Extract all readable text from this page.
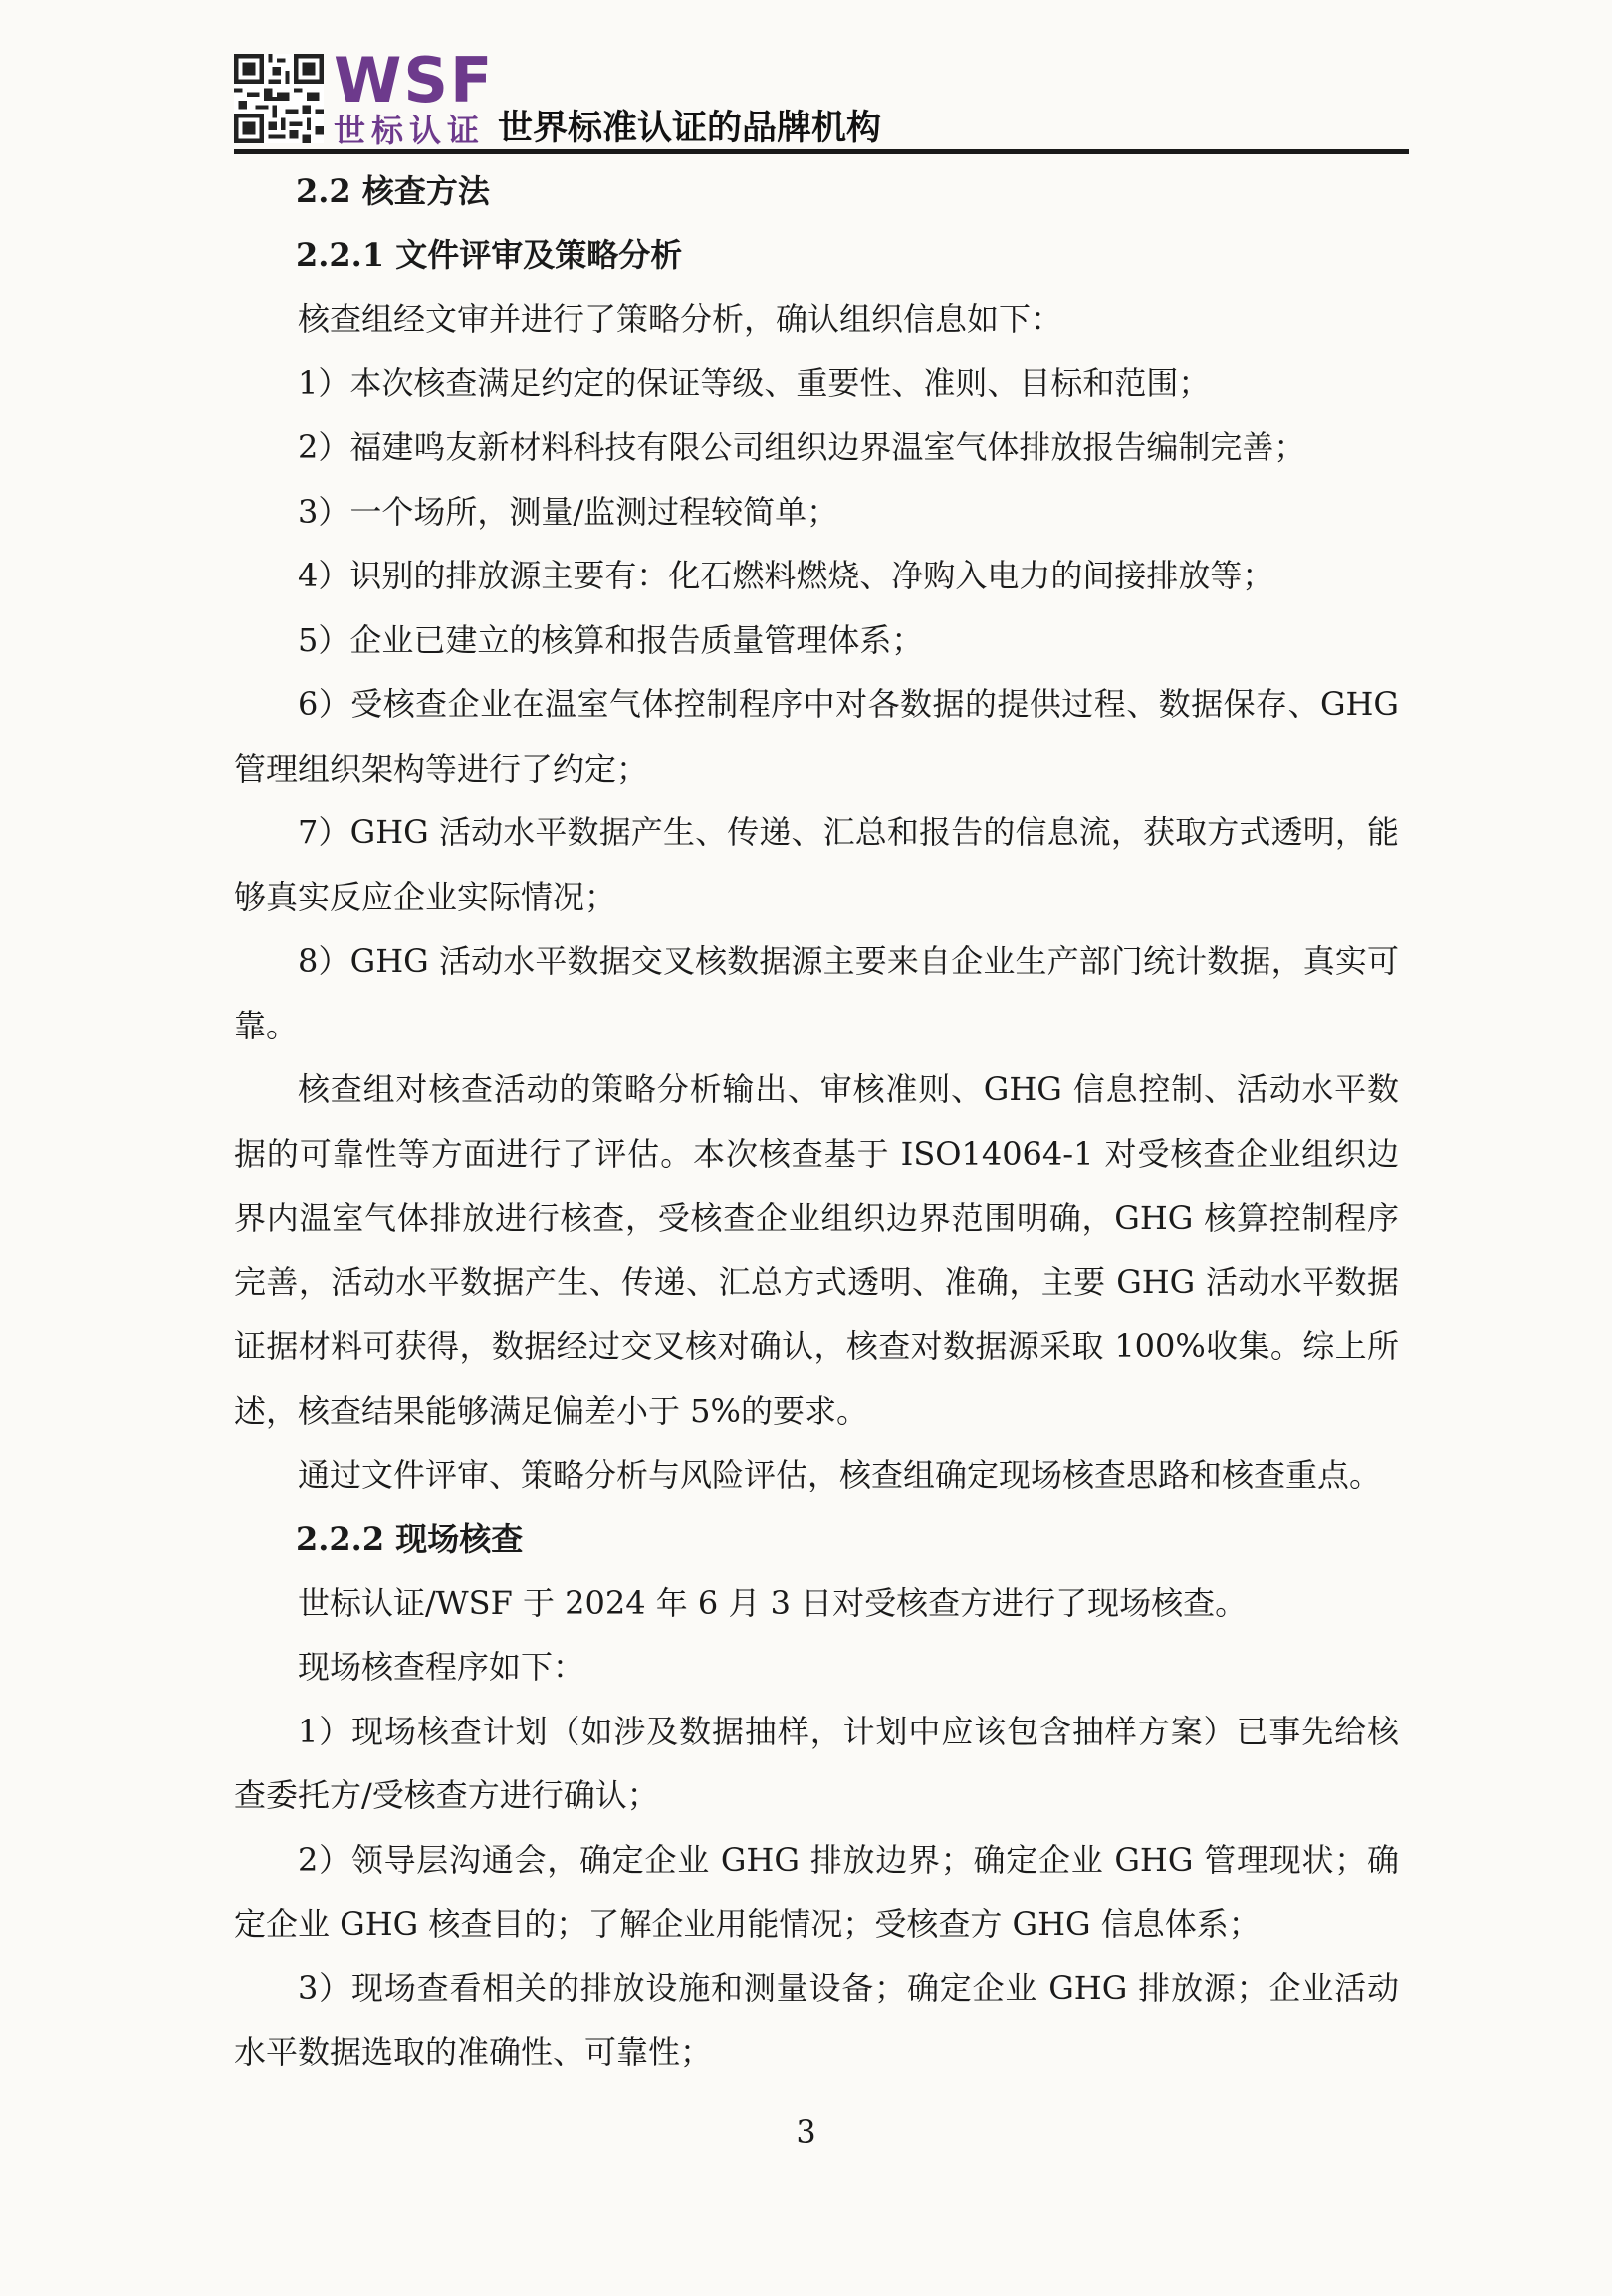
WSF
世标认证 世界标准认证的品牌机构

2.2 核查方法

2.2.1 文件评审及策略分析

核查组经文审并进行了策略分析，确认组织信息如下：

1）本次核查满足约定的保证等级、重要性、准则、目标和范围；

2）福建鸣友新材料科技有限公司组织边界温室气体排放报告编制完善；

3）一个场所，测量/监测过程较简单；

4）识别的排放源主要有：化石燃料燃烧、净购入电力的间接排放等；

5）企业已建立的核算和报告质量管理体系；

6）受核查企业在温室气体控制程序中对各数据的提供过程、数据保存、GHG管理组织架构等进行了约定；

7）GHG 活动水平数据产生、传递、汇总和报告的信息流，获取方式透明，能够真实反应企业实际情况；

8）GHG 活动水平数据交叉核数据源主要来自企业生产部门统计数据，真实可靠。

核查组对核查活动的策略分析输出、审核准则、GHG 信息控制、活动水平数据的可靠性等方面进行了评估。本次核查基于 ISO14064-1 对受核查企业组织边界内温室气体排放进行核查，受核查企业组织边界范围明确，GHG 核算控制程序完善，活动水平数据产生、传递、汇总方式透明、准确，主要 GHG 活动水平数据证据材料可获得，数据经过交叉核对确认，核查对数据源采取 100%收集。综上所述，核查结果能够满足偏差小于 5%的要求。

通过文件评审、策略分析与风险评估，核查组确定现场核查思路和核查重点。

2.2.2 现场核查

世标认证/WSF 于 2024 年 6 月 3 日对受核查方进行了现场核查。

现场核查程序如下：

1）现场核查计划（如涉及数据抽样，计划中应该包含抽样方案）已事先给核查委托方/受核查方进行确认；

2）领导层沟通会，确定企业 GHG 排放边界；确定企业 GHG 管理现状；确定企业 GHG 核查目的；了解企业用能情况；受核查方 GHG 信息体系；

3）现场查看相关的排放设施和测量设备；确定企业 GHG 排放源；企业活动水平数据选取的准确性、可靠性；

3
